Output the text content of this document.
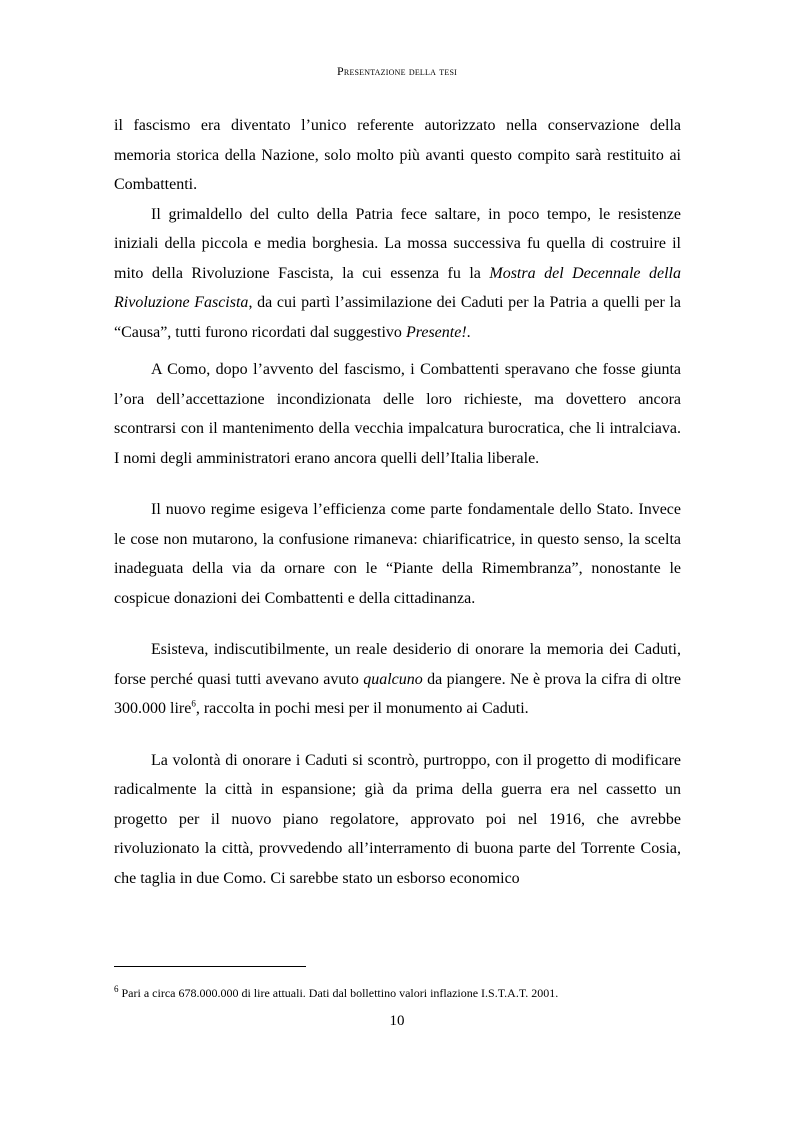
Presentazione della tesi

il fascismo era diventato l’unico referente autorizzato nella conservazione della memoria storica della Nazione, solo molto più avanti questo compito sarà restituito ai Combattenti.

Il grimaldello del culto della Patria fece saltare, in poco tempo, le resistenze iniziali della piccola e media borghesia. La mossa successiva fu quella di costruire il mito della Rivoluzione Fascista, la cui essenza fu la Mostra del Decennale della Rivoluzione Fascista, da cui partì l’assimilazione dei Caduti per la Patria a quelli per la “Causa”, tutti furono ricordati dal suggestivo Presente!.

A Como, dopo l’avvento del fascismo, i Combattenti speravano che fosse giunta l’ora dell’accettazione incondizionata delle loro richieste, ma dovettero ancora scontrarsi con il mantenimento della vecchia impalcatura burocratica, che li intralciava. I nomi degli amministratori erano ancora quelli dell’Italia liberale.

Il nuovo regime esigeva l’efficienza come parte fondamentale dello Stato. Invece le cose non mutarono, la confusione rimaneva: chiarificatrice, in questo senso, la scelta inadeguata della via da ornare con le “Piante della Rimembranza”, nonostante le cospicue donazioni dei Combattenti e della cittadinanza.

Esisteva, indiscutibilmente, un reale desiderio di onorare la memoria dei Caduti, forse perché quasi tutti avevano avuto qualcuno da piangere. Ne è prova la cifra di oltre 300.000 lire$^6$, raccolta in pochi mesi per il monumento ai Caduti.

La volontà di onorare i Caduti si scontrò, purtroppo, con il progetto di modificare radicalmente la città in espansione; già da prima della guerra era nel cassetto un progetto per il nuovo piano regolatore, approvato poi nel 1916, che avrebbe rivoluzionato la città, provvedendo all’interramento di buona parte del Torrente Cosia, che taglia in due Como. Ci sarebbe stato un esborso economico

$^6$ Pari a circa 678.000.000 di lire attuali. Dati dal bollettino valori inflazione I.S.T.A.T. 2001.
10
